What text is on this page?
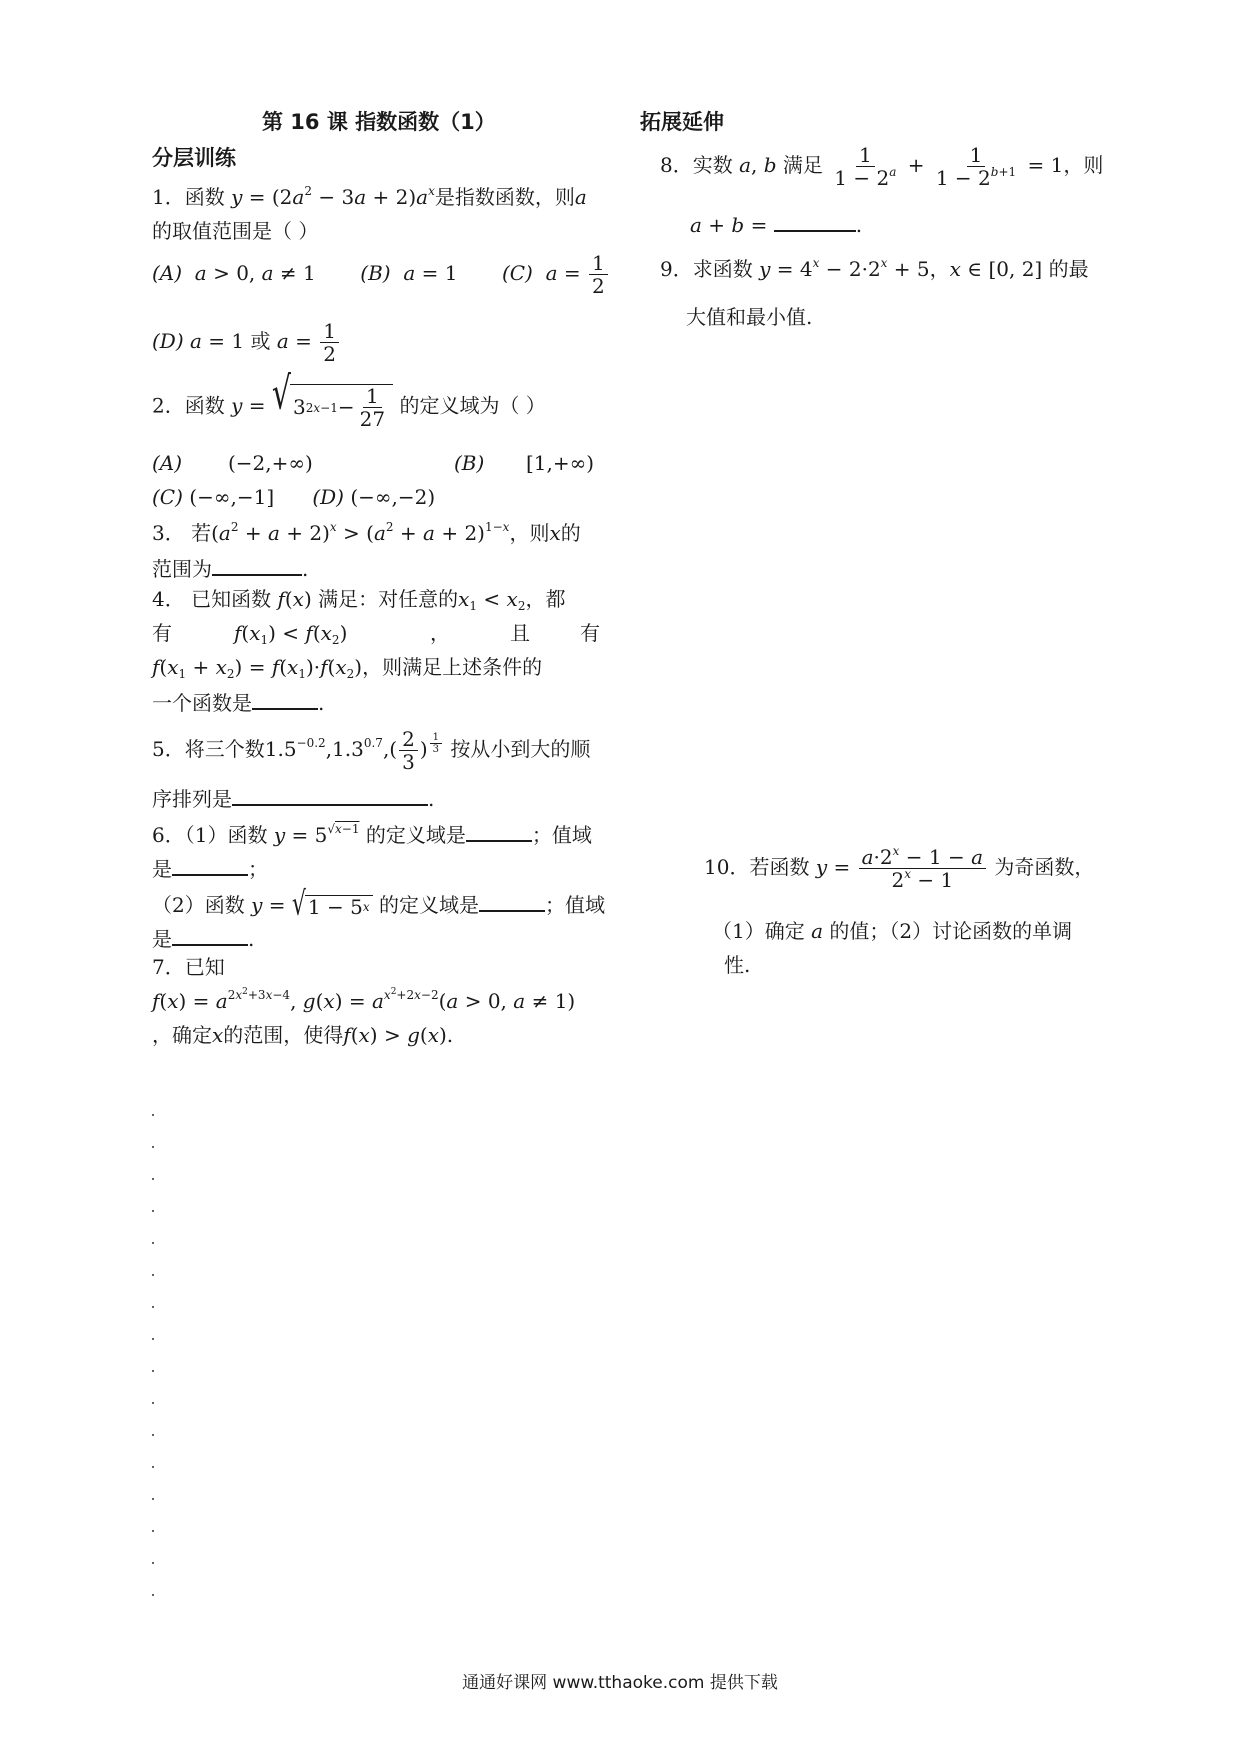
第 16 课 指数函数（1）
分层训练
1．函数 $y = (2a^2 - 3a + 2)a^x$是指数函数，则a
的取值范围是（ ）
(A) a > 0, a ≠ 1       (B) a = 1       (C) $a = \frac{1}{2}$
(D) a = 1 或 $a = \frac{1}{2}$
2．函数 y = √ 3 $2x-1 - \frac{1}{27}$ 的定义域为（ ）
(A) (−2,+∞)	(B) [1,+∞)
(C) (−∞,−1] (D) (−∞,−2)
3． 若$(a^2 + a + 2)^x > (a^2 + a + 2)^{1-x}$，则x的
范围为	.
4． 已知函数 f(x) 满足：对任意的$x_1 < x_2$，都
有	$f(x_1) < f(x_2)$	，	且	有
$f(x_1 + x_2) = f(x_1)\cdot f(x_2)$，则满足上述条件的
一个函数是	.
5．将三个数$1.5^{-0.2},1.3^{0.7},( \frac{2}{3}$ ) $^{\frac{1}{3}}$ 按从小到大的顺
序排列是	.
6．（1）函数 $y = 5^{√x-1}$ 的定义域是	；值域
是	；
（2）函数 y = √ 1 − 5 x 的定义域是	；值域
是	.
7．已知
$f(x) = a^{2x^2+3x-4}$, $g(x) = a^{x^2+2x-2}(a > 0$, a ≠ 1)
，确定x的范围，使得f(x) > g(x).
拓展延伸
8．实数 a, b 满足 $\frac{1}{1 - 2^a} + \frac{1}{1 - 2^{b+1}} = 1$，则
a + b =	.
9．求函数 $y = 4^x - 2\cdot 2^x + 5$，x ∈ [0, 2] 的最
大值和最小值.
10．若函数 $y = \frac{a\cdot 2^x - 1 - a}{2^x - 1}$ 为奇函数，
（1）确定 a 的值；（2）讨论函数的单调
性.
通通好课网 www.tthaoke.com 提供下载
